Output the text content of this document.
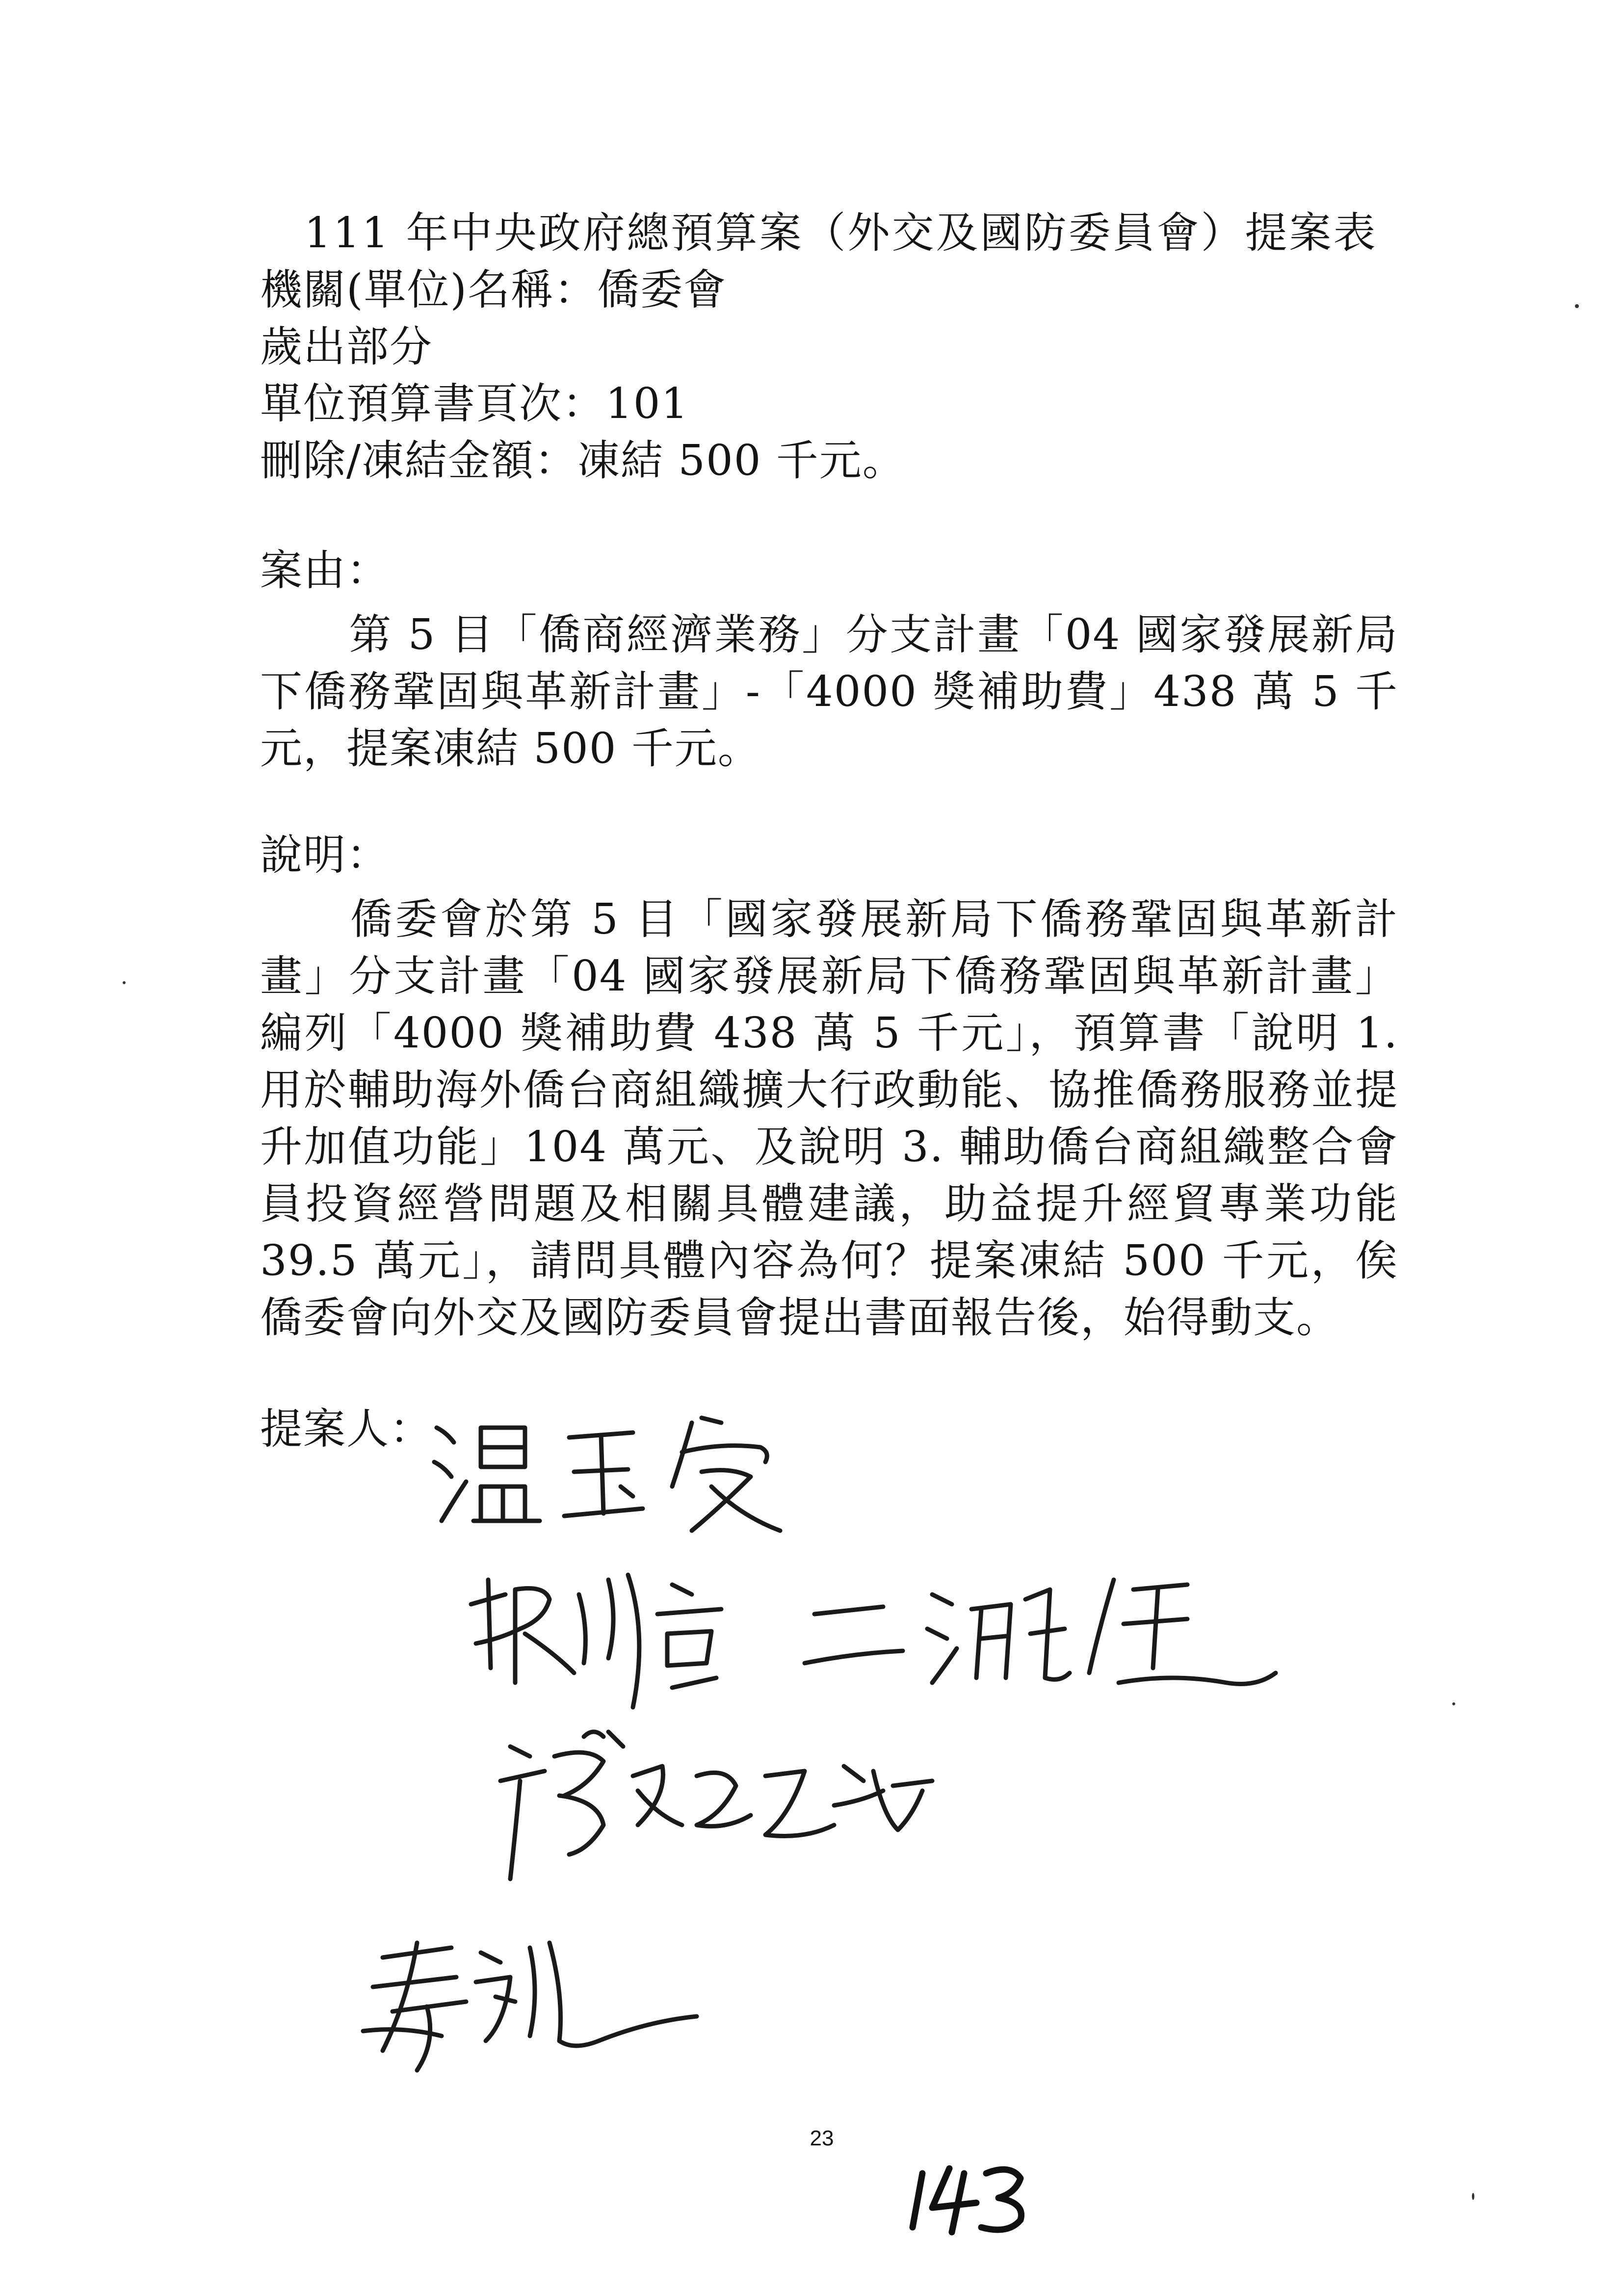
111 年中央政府總預算案（外交及國防委員會）提案表
機關(單位)名稱：僑委會
歲出部分
單位預算書頁次：101
刪除/凍結金額：凍結 500 千元。
案由：
第 5 目「僑商經濟業務」分支計畫「04 國家發展新局下僑務鞏固與革新計畫」-「4000 獎補助費」438 萬 5 千元，提案凍結 500 千元。
說明：
僑委會於第 5 目「國家發展新局下僑務鞏固與革新計畫」分支計畫「04 國家發展新局下僑務鞏固與革新計畫」編列「4000 獎補助費 438 萬 5 千元」，預算書「說明 1. 用於輔助海外僑台商組織擴大行政動能、協推僑務服務並提升加值功能」104 萬元、及說明 3. 輔助僑台商組織整合會員投資經營問題及相關具體建議，助益提升經貿專業功能 39.5 萬元」，請問具體內容為何？提案凍結 500 千元，俟僑委會向外交及國防委員會提出書面報告後，始得動支。
提案人：
23
